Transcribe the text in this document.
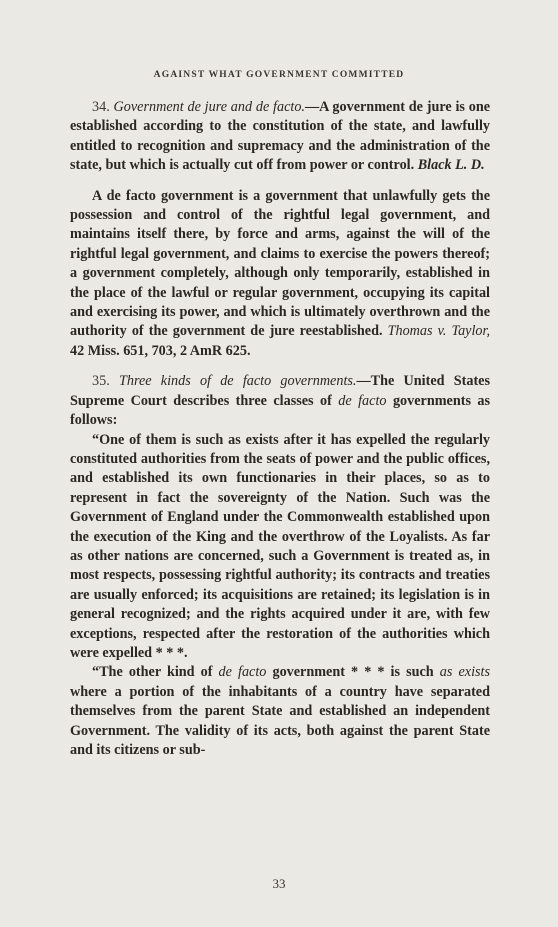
AGAINST WHAT GOVERNMENT COMMITTED

34. Government de jure and de facto.—A government de jure is one established according to the constitution of the state, and lawfully entitled to recognition and supremacy and the administration of the state, but which is actually cut off from power or control. Black L. D.

A de facto government is a government that unlawfully gets the possession and control of the rightful legal government, and maintains itself there, by force and arms, against the will of the rightful legal government, and claims to exercise the powers thereof; a government completely, although only temporarily, established in the place of the lawful or regular government, occupying its capital and exercising its power, and which is ultimately overthrown and the authority of the government de jure reestablished. Thomas v. Taylor, 42 Miss. 651, 703, 2 AmR 625.

35. Three kinds of de facto governments.—The United States Supreme Court describes three classes of de facto governments as follows:

“One of them is such as exists after it has expelled the regularly constituted authorities from the seats of power and the public offices, and established its own functionaries in their places, so as to represent in fact the sovereignty of the Nation. Such was the Government of England under the Commonwealth established upon the execution of the King and the overthrow of the Loyalists. As far as other nations are concerned, such a Government is treated as, in most respects, possessing rightful authority; its contracts and treaties are usually enforced; its acquisitions are retained; its legislation is in general recognized; and the rights acquired under it are, with few exceptions, respected after the restoration of the authorities which were expelled * * *.

“The other kind of de facto government * * * is such as exists where a portion of the inhabitants of a country have separated themselves from the parent State and established an independent Government. The validity of its acts, both against the parent State and its citizens or sub-

33
